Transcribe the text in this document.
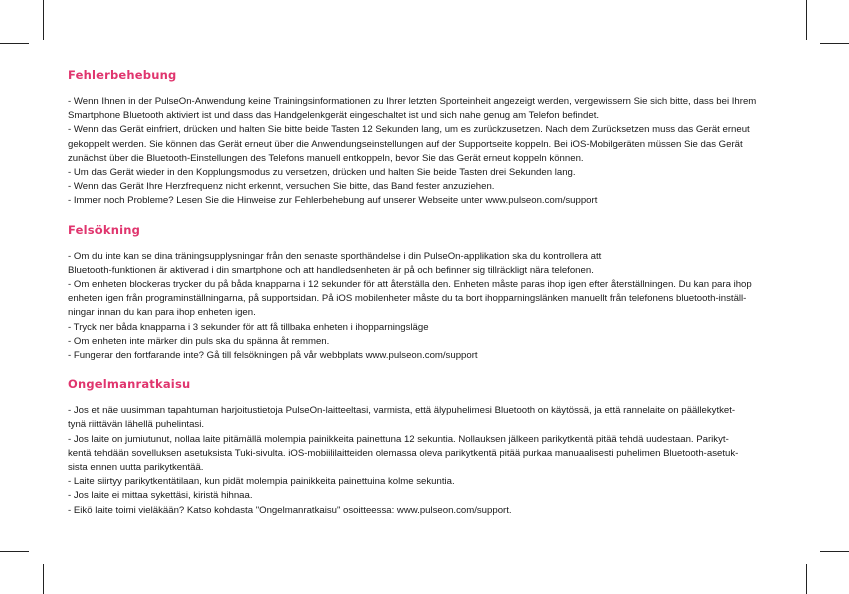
Fehlerbehebung
- Wenn Ihnen in der PulseOn-Anwendung keine Trainingsinformationen zu Ihrer letzten Sporteinheit angezeigt werden, vergewissern Sie sich bitte, dass bei Ihrem
Smartphone Bluetooth aktiviert ist und dass das Handgelenkgerät eingeschaltet ist und sich nahe genug am Telefon befindet.
- Wenn das Gerät einfriert, drücken und halten Sie bitte beide Tasten 12 Sekunden lang, um es zurückzusetzen. Nach dem Zurücksetzen muss das Gerät erneut
gekoppelt werden. Sie können das Gerät erneut über die Anwendungseinstellungen auf der Supportseite koppeln. Bei iOS-Mobilgeräten müssen Sie das Gerät
zunächst über die Bluetooth-Einstellungen des Telefons manuell entkoppeln, bevor Sie das Gerät erneut koppeln können.
- Um das Gerät wieder in den Kopplungsmodus zu versetzen, drücken und halten Sie beide Tasten drei Sekunden lang.
- Wenn das Gerät Ihre Herzfrequenz nicht erkennt, versuchen Sie bitte, das Band fester anzuziehen.
- Immer noch Probleme? Lesen Sie die Hinweise zur Fehlerbehebung auf unserer Webseite unter www.pulseon.com/support
Felsökning
- Om du inte kan se dina träningsupplysningar från den senaste sporthändelse i din PulseOn-applikation ska du kontrollera att
Bluetooth-funktionen är aktiverad i din smartphone och att handledsenheten är på och befinner sig tillräckligt nära telefonen.
- Om enheten blockeras trycker du på båda knapparna i 12 sekunder för att återställa den. Enheten måste paras ihop igen efter återställningen. Du kan para ihop
enheten igen från programinställningarna, på supportsidan. På iOS mobilenheter måste du ta bort ihopparningslänken manuellt från telefonens bluetooth-inställ-
ningar innan du kan para ihop enheten igen.
- Tryck ner båda knapparna i 3 sekunder för att få tillbaka enheten i ihopparningsläge
- Om enheten inte märker din puls ska du spänna åt remmen.
- Fungerar den fortfarande inte? Gå till felsökningen på vår webbplats www.pulseon.com/support
Ongelmanratkaisu
- Jos et näe uusimman tapahtuman harjoitustietoja PulseOn-laitteeltasi, varmista, että älypuhelimesi Bluetooth on käytössä, ja että rannelaite on päällekytket-
tynä riittävän lähellä puhelintasi.
- Jos laite on jumiutunut, nollaa laite pitämällä molempia painikkeita painettuna 12 sekuntia. Nollauksen jälkeen parikytkentä pitää tehdä uudestaan. Parikyt-
kentä tehdään sovelluksen asetuksista Tuki-sivulta. iOS-mobiililaitteiden olemassa oleva parikytkentä pitää purkaa manuaalisesti puhelimen Bluetooth-asetuk-
sista ennen uutta parikytkentää.
- Laite siirtyy parikytkentätilaan, kun pidät molempia painikkeita painettuina kolme sekuntia.
- Jos laite ei mittaa sykettäsi, kiristä hihnaa.
- Eikö laite toimi vieläkään? Katso kohdasta "Ongelmanratkaisu" osoitteessa: www.pulseon.com/support.
